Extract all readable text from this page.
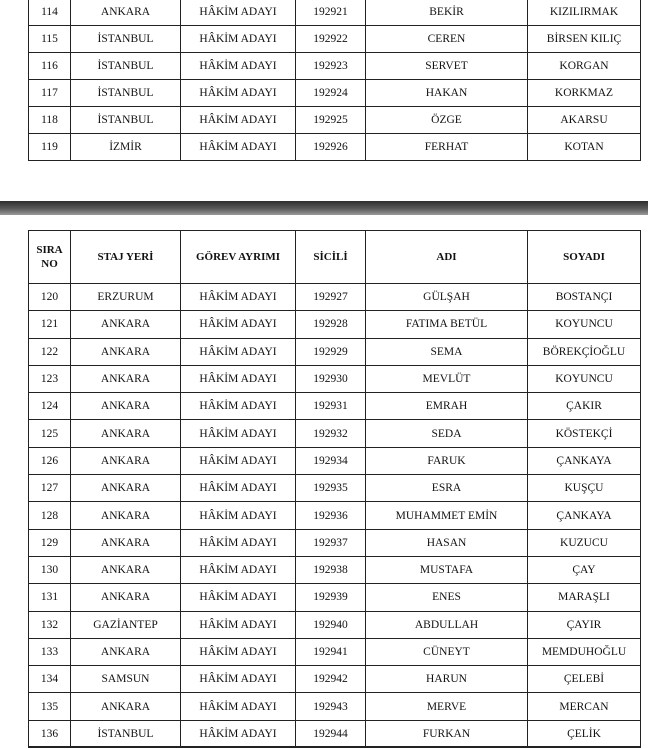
114	ANKARA	HÂKİM ADAYI	192921	BEKİR	KIZILIRMAK
115	İSTANBUL	HÂKİM ADAYI	192922	CEREN	BİRSEN KILIÇ
116	İSTANBUL	HÂKİM ADAYI	192923	SERVET	KORGAN
117	İSTANBUL	HÂKİM ADAYI	192924	HAKAN	KORKMAZ
118	İSTANBUL	HÂKİM ADAYI	192925	ÖZGE	AKARSU
119	İZMİR	HÂKİM ADAYI	192926	FERHAT	KOTAN
SIRA
NO	STAJ YERİ	GÖREV AYRIMI	SİCİLİ	ADI	SOYADI
120	ERZURUM	HÂKİM ADAYI	192927	GÜLŞAH	BOSTANÇI
121	ANKARA	HÂKİM ADAYI	192928	FATIMA BETÜL	KOYUNCU
122	ANKARA	HÂKİM ADAYI	192929	SEMA	BÖREKÇİOĞLU
123	ANKARA	HÂKİM ADAYI	192930	MEVLÜT	KOYUNCU
124	ANKARA	HÂKİM ADAYI	192931	EMRAH	ÇAKIR
125	ANKARA	HÂKİM ADAYI	192932	SEDA	KÖSTEKÇİ
126	ANKARA	HÂKİM ADAYI	192934	FARUK	ÇANKAYA
127	ANKARA	HÂKİM ADAYI	192935	ESRA	KUŞÇU
128	ANKARA	HÂKİM ADAYI	192936	MUHAMMET EMİN	ÇANKAYA
129	ANKARA	HÂKİM ADAYI	192937	HASAN	KUZUCU
130	ANKARA	HÂKİM ADAYI	192938	MUSTAFA	ÇAY
131	ANKARA	HÂKİM ADAYI	192939	ENES	MARAŞLI
132	GAZİANTEP	HÂKİM ADAYI	192940	ABDULLAH	ÇAYIR
133	ANKARA	HÂKİM ADAYI	192941	CÜNEYT	MEMDUHOĞLU
134	SAMSUN	HÂKİM ADAYI	192942	HARUN	ÇELEBİ
135	ANKARA	HÂKİM ADAYI	192943	MERVE	MERCAN
136	İSTANBUL	HÂKİM ADAYI	192944	FURKAN	ÇELİK
